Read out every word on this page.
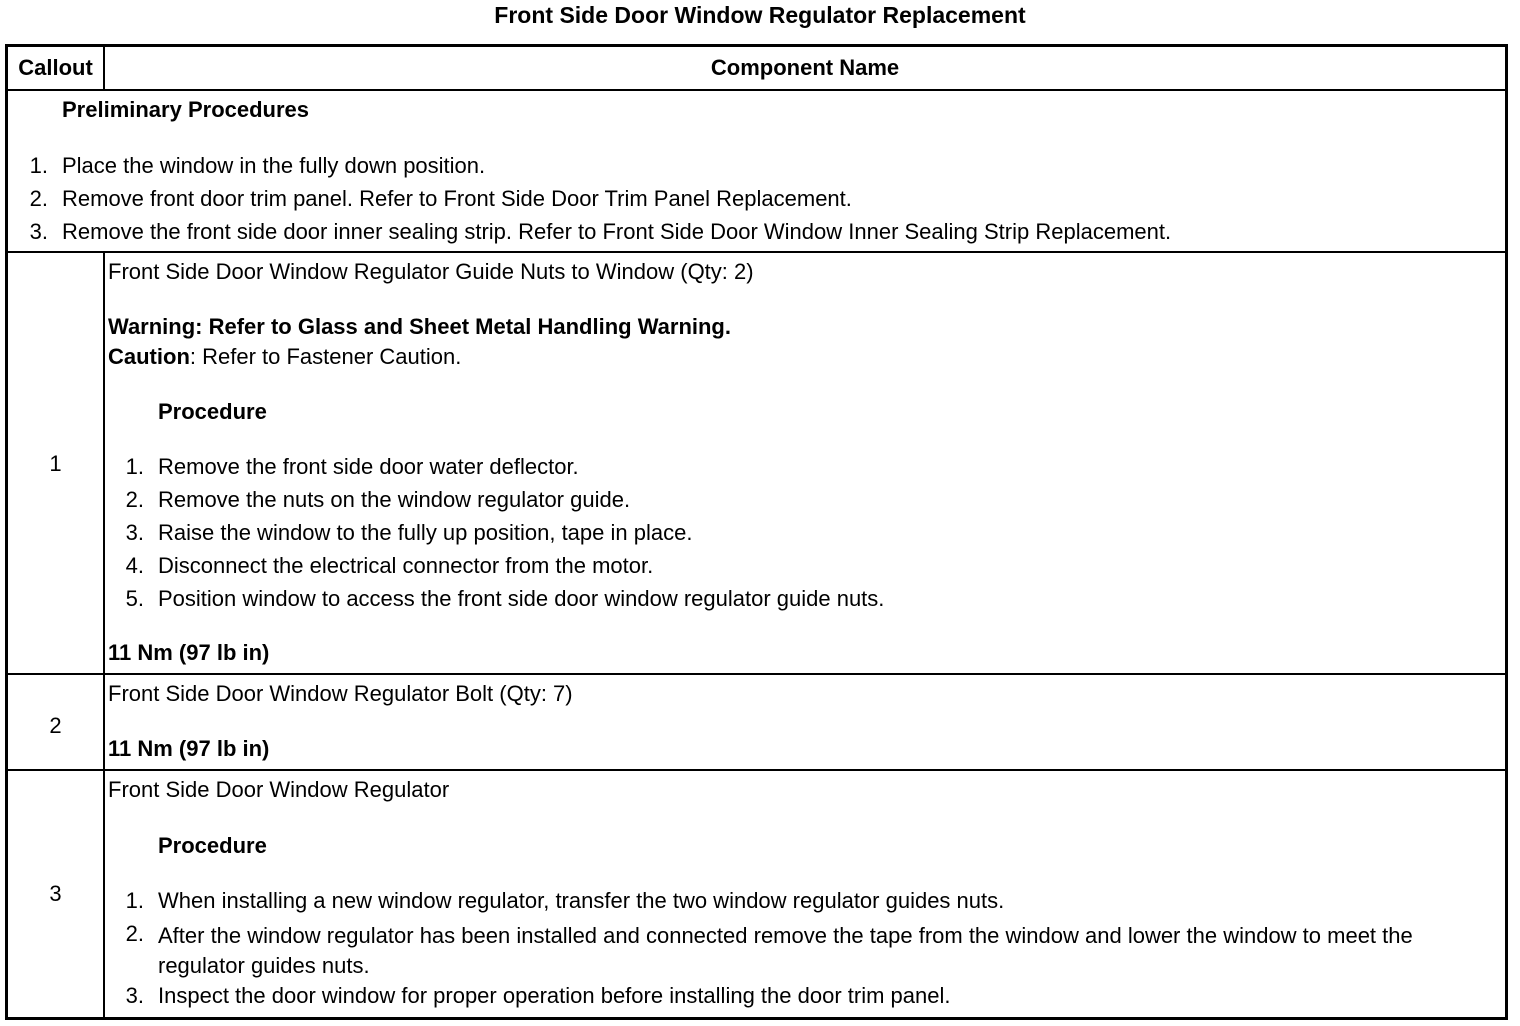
Front Side Door Window Regulator Replacement
Callout	Component Name
Preliminary Procedures
1. Place the window in the fully down position.
2. Remove front door trim panel. Refer to Front Side Door Trim Panel Replacement.
3. Remove the front side door inner sealing strip. Refer to Front Side Door Window Inner Sealing Strip Replacement.
1
Front Side Door Window Regulator Guide Nuts to Window (Qty: 2)
Warning: Refer to Glass and Sheet Metal Handling Warning.
Caution: Refer to Fastener Caution.
Procedure
1. Remove the front side door water deflector.
2. Remove the nuts on the window regulator guide.
3. Raise the window to the fully up position, tape in place.
4. Disconnect the electrical connector from the motor.
5. Position window to access the front side door window regulator guide nuts.
11 Nm (97 lb in)
2
Front Side Door Window Regulator Bolt (Qty: 7)
11 Nm (97 lb in)
3
Front Side Door Window Regulator
Procedure
1. When installing a new window regulator, transfer the two window regulator guides nuts.
2. After the window regulator has been installed and connected remove the tape from the window and lower the window to meet the regulator guides nuts.
3. Inspect the door window for proper operation before installing the door trim panel.
